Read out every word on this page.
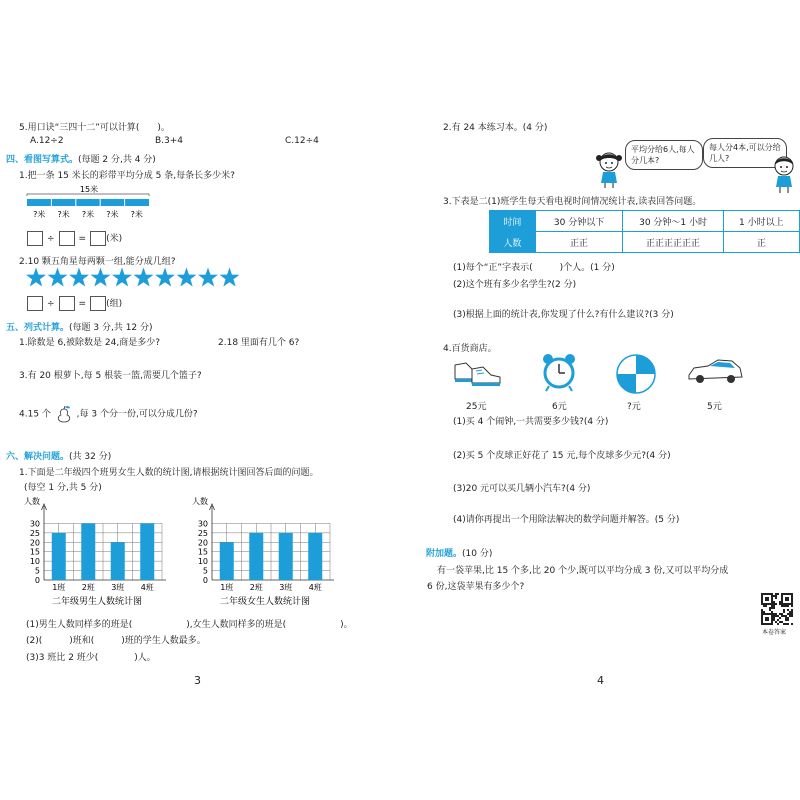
5.用口诀“三四十二”可以计算(　　)。
A.12÷2	B.3+4	C.12÷4
四、看图写算式。(每题 2 分,共 4 分)
1.把一条 15 米长的彩带平均分成 5 条,每条长多少米?
15米
?米 ?米 ?米 ?米 ?米
÷	= (米)
2.10 颗五角星每两颗一组,能分成几组?
÷	= (组)
五、列式计算。(每题 3 分,共 12 分)
1.除数是 6,被除数是 24,商是多少?	2.18 里面有几个 6?
3.有 20 根萝卜,每 5 根装一篮,需要几个篮子?
4.15 个	,每 3 个分一份,可以分成几份?
六、解决问题。(共 32 分)
1.下面是二年级四个班男女生人数的统计图,请根据统计图回答后面的问题。
(每空 1 分,共 5 分)
人数
0
5
10
15
20
25
30
1班 2班 3班 4班
二年级男生人数统计图
人数
0
5
10
15
20
25
30
1班 2班 3班 4班
二年级女生人数统计图
(1)男生人数同样多的班是(　　　　　　),女生人数同样多的班是(　　　　　　)。
(2)(　　　)班和(　　　)班的学生人数最多。
(3)3 班比 2 班少(　　　　)人。
3
2.有 24 本练习本。(4 分)
平均分给6人,每人分几本?
每人分4本,可以分给几人?
3.下表是二(1)班学生每天看电视时间情况统计表,读表回答问题。
时间	30 分钟以下	30 分钟～1 小时	1 小时以上
人数	正正	正正正正正正	正
(1)每个“正”字表示(　　　)个人。(1 分)
(2)这个班有多少名学生?(2 分)
(3)根据上面的统计表,你发现了什么?有什么建议?(3 分)
4.百货商店。
25元	6元	?元	5元
(1)买 4 个闹钟,一共需要多少钱?(4 分)
(2)买 5 个皮球正好花了 15 元,每个皮球多少元?(4 分)
(3)20 元可以买几辆小汽车?(4 分)
(4)请你再提出一个用除法解决的数学问题并解答。(5 分)
附加题。(10 分)
有一袋苹果,比 15 个多,比 20 个少,既可以平均分成 3 份,又可以平均分成
6 份,这袋苹果有多少个?
本卷答案
4
